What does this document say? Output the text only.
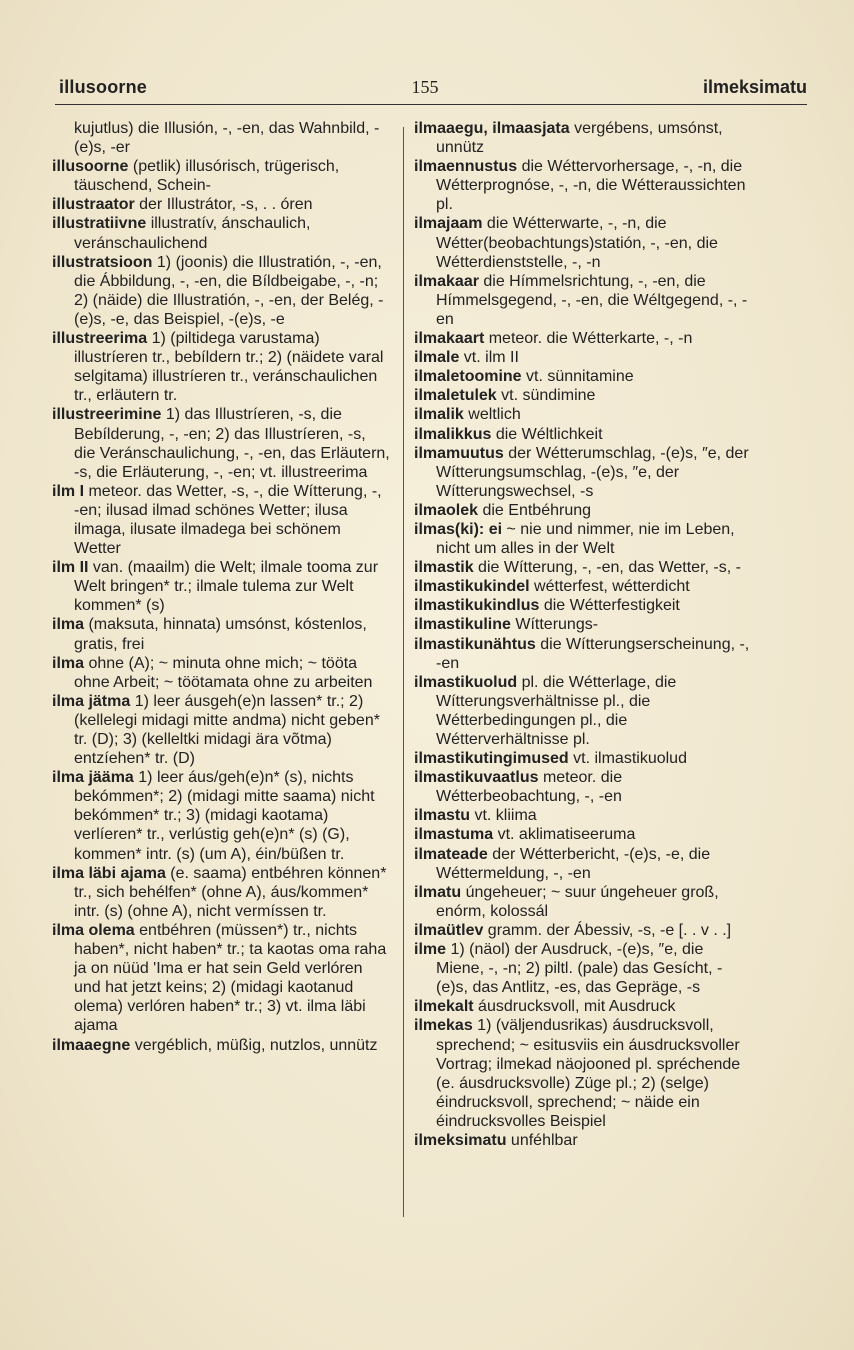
illusoorne	155	ilmeksimatu

kujutlus) die Illusión, -, -en, das Wahnbild, -(e)s, -er

illusoorne (petlik) illusórisch, trügerisch, täuschend, Schein-

illustraator der Illustrátor, -s, . . óren

illustratiivne illustratív, ánschaulich, veránschaulichend

illustratsioon 1) (joonis) die Illustratión, -, -en, die Ábbildung, -, -en, die Bíldbeigabe, -, -n; 2) (näide) die Illustratión, -, -en, der Belég, -(e)s, -e, das Beispiel, -(e)s, -e

illustreerima 1) (piltidega varustama) illustríeren tr., bebíldern tr.; 2) (näidete varal selgitama) illustríeren tr., veránschaulichen tr., erläutern tr.

illustreerimine 1) das Illustríeren, -s, die Bebílderung, -, -en; 2) das Illustríeren, -s, die Veránschaulichung, -, -en, das Erläutern, -s, die Erläuterung, -, -en; vt. illustreerima

ilm I meteor. das Wetter, -s, -, die Wítterung, -, -en; ilusad ilmad schönes Wetter; ilusa ilmaga, ilusate ilmadega bei schönem Wetter

ilm II van. (maailm) die Welt; ilmale tooma zur Welt bringen* tr.; ilmale tulema zur Welt kommen* (s)

ilma (maksuta, hinnata) umsónst, kóstenlos, gratis, frei

ilma ohne (A); ~ minuta ohne mich; ~ tööta ohne Arbeit; ~ töötamata ohne zu arbeiten

ilma jätma 1) leer áusgeh(e)n lassen* tr.; 2) (kellelegi midagi mitte andma) nicht geben* tr. (D); 3) (kelleltki midagi ära võtma) entzíehen* tr. (D)

ilma jääma 1) leer áus/geh(e)n* (s), nichts bekómmen*; 2) (midagi mitte saama) nicht bekómmen* tr.; 3) (midagi kaotama) verlíeren* tr., verlústig geh(e)n* (s) (G), kommen* intr. (s) (um A), éin/büßen tr.

ilma läbi ajama (e. saama) entbéhren können* tr., sich behélfen* (ohne A), áus/kommen* intr. (s) (ohne A), nicht vermíssen tr.

ilma olema entbéhren (müssen*) tr., nichts haben*, nicht haben* tr.; ta kaotas oma raha ja on nüüd 'Ima er hat sein Geld verlóren und hat jetzt keins; 2) (midagi kaotanud olema) verlóren haben* tr.; 3) vt. ilma läbi ajama

ilmaaegne vergéblich, müßig, nutzlos, unnütz

ilmaaegu, ilmaasjata vergébens, umsónst, unnütz

ilmaennustus die Wéttervorhersage, -, -n, die Wétterprognóse, -, -n, die Wétteraussichten pl.

ilmajaam die Wétterwarte, -, -n, die Wétter(beobachtungs)statión, -, -en, die Wétterdienststelle, -, -n

ilmakaar die Hímmelsrichtung, -, -en, die Hímmelsgegend, -, -en, die Wéltgegend, -, -en

ilmakaart meteor. die Wétterkarte, -, -n

ilmale vt. ilm II

ilmaletoomine vt. sünnitamine

ilmaletulek vt. sündimine

ilmalik weltlich

ilmalikkus die Wéltlichkeit

ilmamuutus der Wétterumschlag, -(e)s, ″e, der Wítterungsumschlag, -(e)s, ″e, der Wítterungswechsel, -s

ilmaolek die Entbéhrung

ilmas(ki): ei ~ nie und nimmer, nie im Leben, nicht um alles in der Welt

ilmastik die Wítterung, -, -en, das Wetter, -s, -

ilmastikukindel wétterfest, wétterdicht

ilmastikukindlus die Wétterfestigkeit

ilmastikuline Wítterungs-

ilmastikunähtus die Wítterungserscheinung, -, -en

ilmastikuolud pl. die Wétterlage, die Wítterungsverhältnisse pl., die Wétterbedingungen pl., die Wétterverhältnisse pl.

ilmastikutingimused vt. ilmastikuolud

ilmastikuvaatlus meteor. die Wétterbeobachtung, -, -en

ilmastu vt. kliima

ilmastuma vt. aklimatiseeruma

ilmateade der Wétterbericht, -(e)s, -e, die Wéttermeldung, -, -en

ilmatu úngeheuer; ~ suur úngeheuer groß, enórm, kolossál

ilmaütlev gramm. der Ábessiv, -s, -e [. . v . .]

ilme 1) (näol) der Ausdruck, -(e)s, ″e, die Miene, -, -n; 2) piltl. (pale) das Gesícht, -(e)s, das Antlitz, -es, das Gepräge, -s

ilmekalt áusdrucksvoll, mit Ausdruck

ilmekas 1) (väljendusrikas) áusdrucksvoll, sprechend; ~ esitusviis ein áusdrucksvoller Vortrag; ilmekad näojooned pl. spréchende (e. áusdrucksvolle) Züge pl.; 2) (selge) éindrucksvoll, sprechend; ~ näide ein éindrucksvolles Beispiel

ilmeksimatu unféhlbar
